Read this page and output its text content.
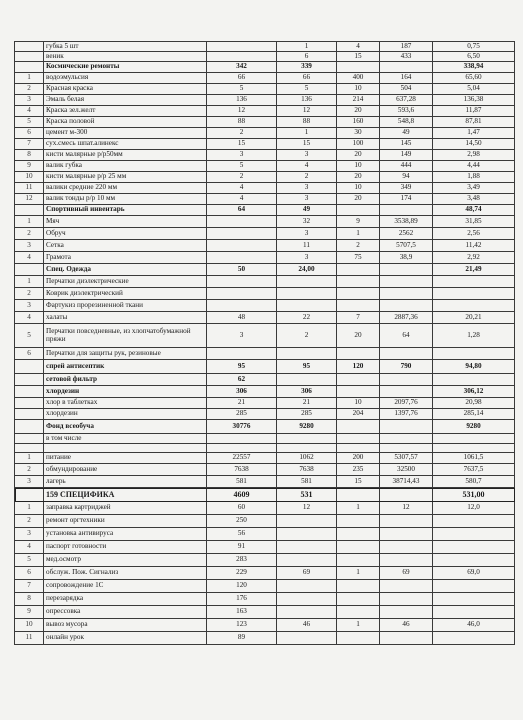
	губка 5 шт		1	4	187	0,75
	веник		6	15	433	6,50
	Космические ремонты	342	339			338,94
1	водоэмульсия	66	66	400	164	65,60
2	Красная краска	5	5	10	504	5,04
3	Эмаль белая	136	136	214	637,28	136,38
4	Краска зел.желт	12	12	20	593,6	11,87
5	Краска половой	88	88	160	548,8	87,81
6	цемент м-300	2	1	30	49	1,47
7	сух.смесь шпат.алинекс	15	15	100	145	14,50
8	кисти малярные р/р50мм	3	3	20	149	2,98
9	валик губка	5	4	10	444	4,44
10	кисти малярные р/р 25 мм	2	2	20	94	1,88
11	валики средние 220 мм	4	3	10	349	3,49
12	валик тонды р/р 10 мм	4	3	20	174	3,48
	Спортивный инвентарь	64	49			48,74
1	Мяч		32	9	3538,89	31,85
2	Обруч		3	1	2562	2,56
3	Сетка		11	2	5707,5	11,42
4	Грамота		3	75	38,9	2,92
	Спец. Одежда	50	24,00			21,49
1	Перчатки диэлектрические					
2	Коврик диэлектрический					
3	Фартукиз прорезиненной ткани					
4	халаты	48	22	7	2887,36	20,21
5	Перчатки повседневные, из хлопчатобумажной пряжи	3	2	20	64	1,28
6	Перчатки для защиты рук, резиновые					
	спрей антисептик	95	95	120	790	94,80
	сетовой фильтр	62				
	хлордезин	306	306			306,12
	хлор в таблетках	21	21	10	2097,76	20,98
	хлордезин	285	285	204	1397,76	285,14
	Фонд всеобуча	30776	9280			9280
	в том числе					

1	питание	22557	1062	200	5307,57	1061,5
2	обмундирование	7638	7638	235	32500	7637,5
3	лагерь	581	581	15	38714,43	580,7
	159 СПЕЦИФИКА	4609	531			531,00
1	заправка картриджей	60	12	1	12	12,0
2	ремонт оргтехники	250				
3	установка антивируса	56				
4	паспорт готовности	91				
5	мед.осмотр	283				
6	обслуж. Пож. Сигнализ	229	69	1	69	69,0
7	сопровождение 1С	120				
8	перезарядка	176				
9	опрессовка	163				
10	вывоз мусора	123	46	1	46	46,0
11	онлайн урок	89				
